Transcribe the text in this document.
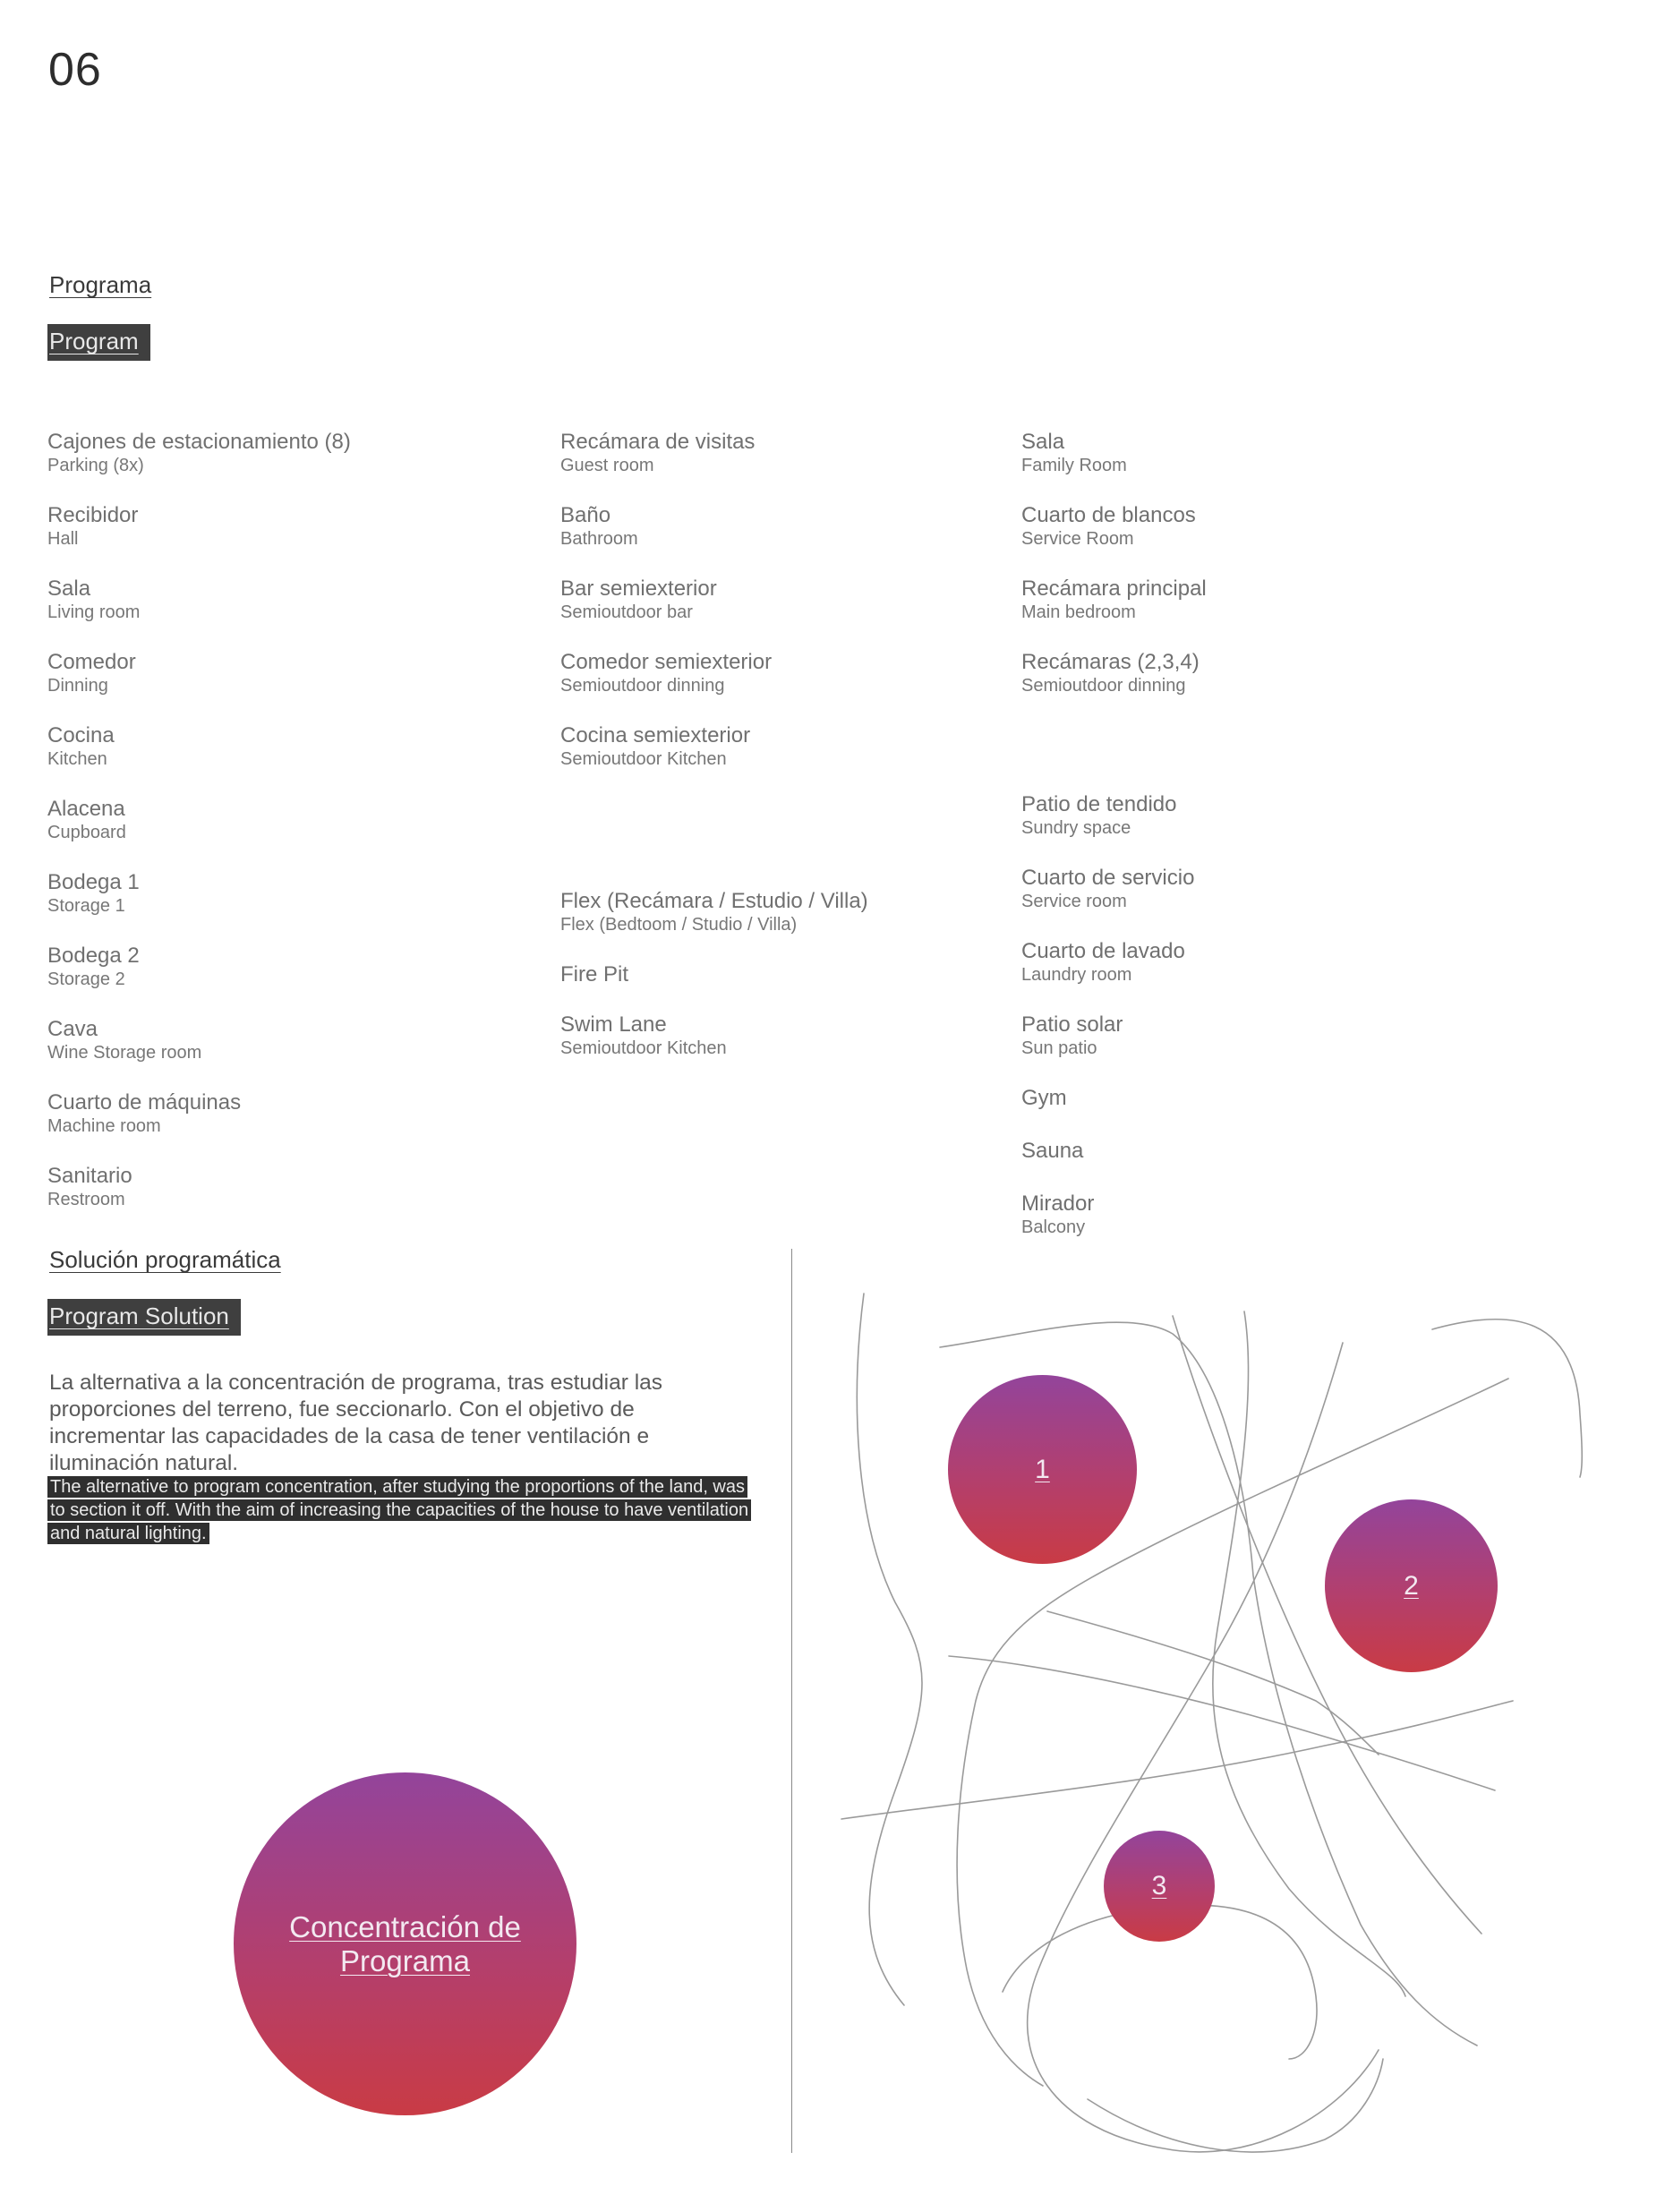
06
Programa
Program
Cajones de estacionamiento (8)
Parking (8x)
Recibidor
Hall
Sala
Living room
Comedor
Dinning
Cocina
Kitchen
Alacena
Cupboard
Bodega 1
Storage 1
Bodega 2
Storage 2
Cava
Wine Storage room
Cuarto de máquinas
Machine room
Sanitario
Restroom
Recámara de visitas
Guest room
Baño
Bathroom
Bar semiexterior
Semioutdoor bar
Comedor semiexterior
Semioutdoor dinning
Cocina semiexterior
Semioutdoor Kitchen
Flex (Recámara / Estudio / Villa)
Flex (Bedtoom / Studio / Villa)
Fire Pit
Swim Lane
Semioutdoor Kitchen
Sala
Family Room
Cuarto de blancos
Service Room
Recámara principal
Main bedroom
Recámaras (2,3,4)
Semioutdoor dinning
Patio de tendido
Sundry space
Cuarto de servicio
Service room
Cuarto de lavado
Laundry room
Patio solar
Sun patio
Gym
Sauna
Mirador
Balcony
Solución programática
Program Solution
La alternativa a la concentración de programa, tras estudiar las proporciones del terreno, fue seccionarlo. Con el objetivo de incrementar las capacidades de la casa de tener ventilación e iluminación natural.
The alternative to program concentration, after studying the proportions of the land, was to section it off. With the aim of increasing the capacities of the house to have ventilation and natural lighting.
Concentración de Programa
1
2
3
